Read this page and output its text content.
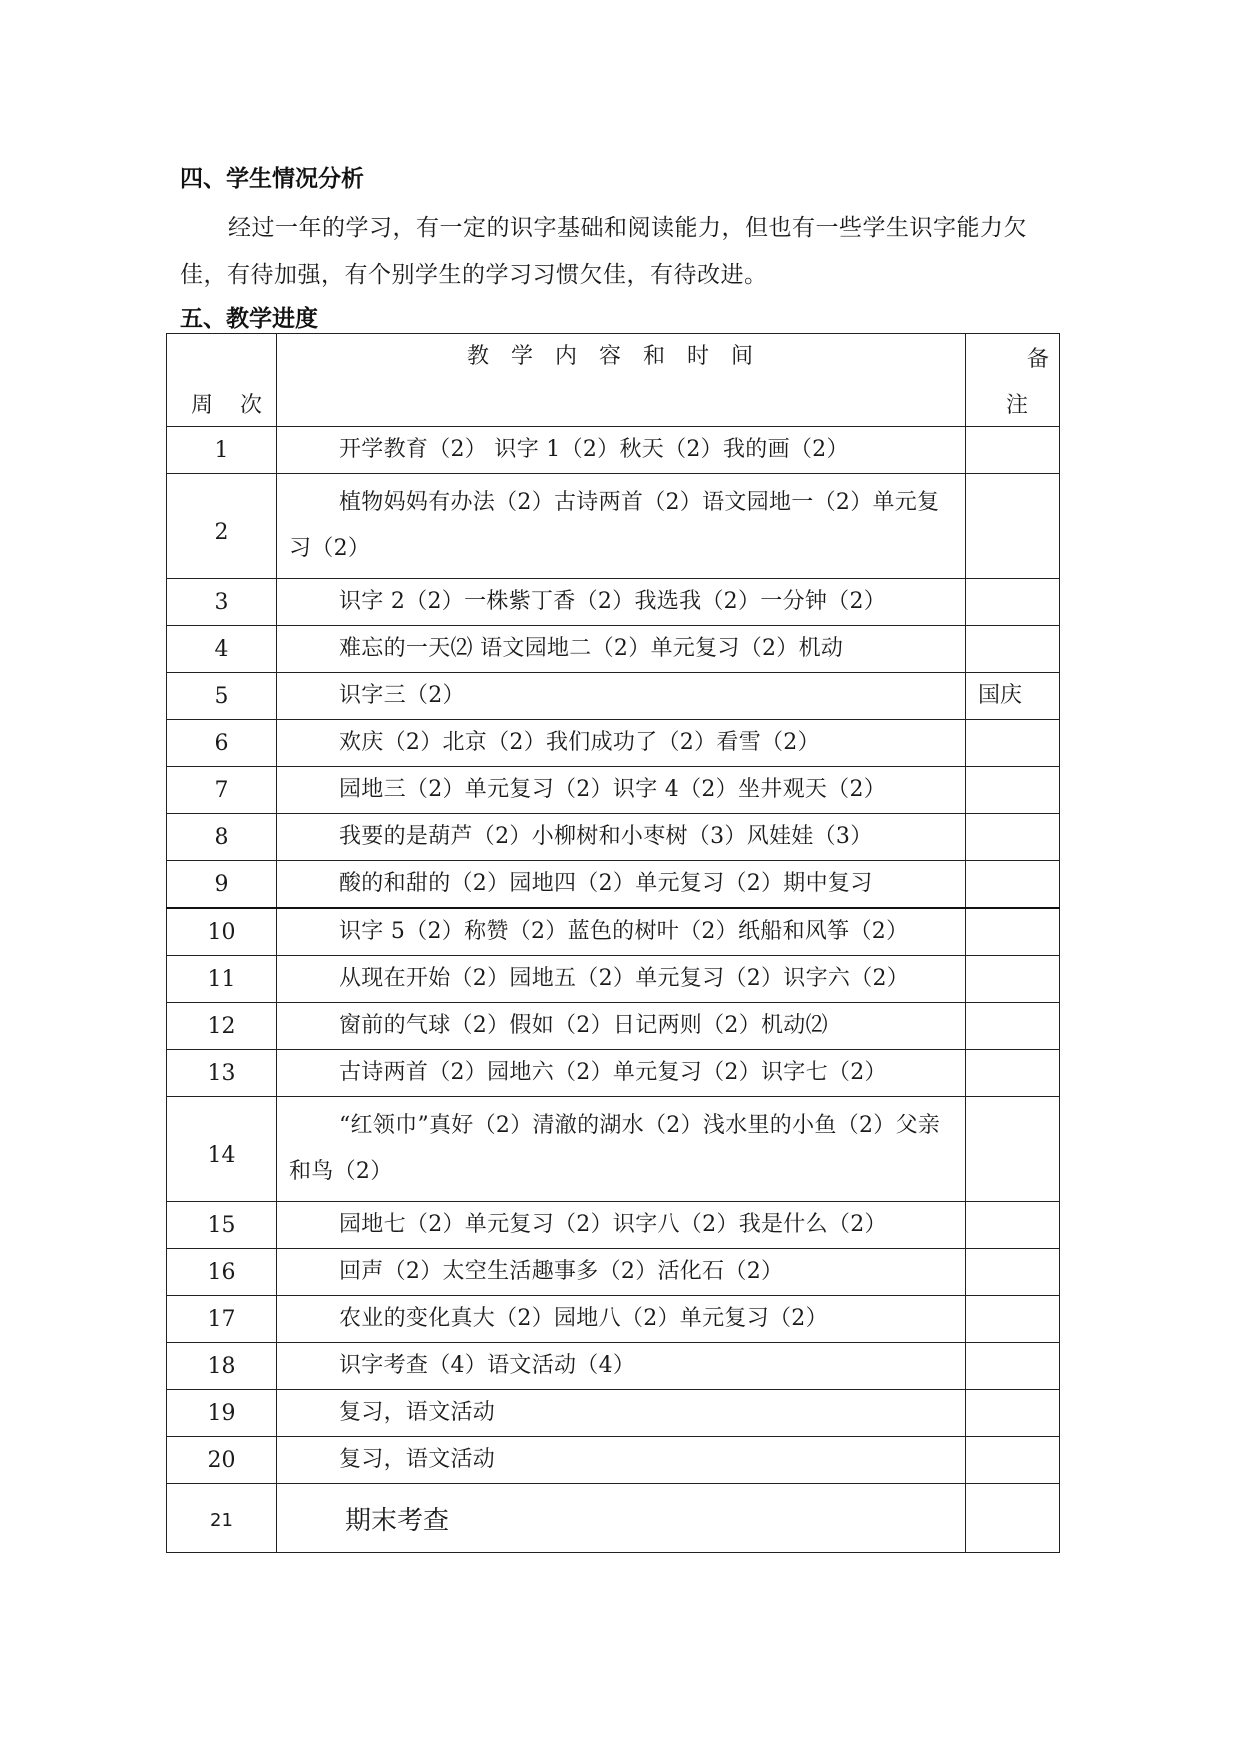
四、学生情况分析

经过一年的学习，有一定的识字基础和阅读能力，但也有一些学生识字能力欠佳，有待加强，有个别学生的学习习惯欠佳，有待改进。

五、教学进度
周 次	教学内容和时间	备
注

1	开学教育（2） 识字 1（2）秋天（2）我的画（2）	
2	植物妈妈有办法（2）古诗两首（2）语文园地一（2）单元复习（2）	
3	识字 2（2）一株紫丁香（2）我选我（2）一分钟（2）	
4	难忘的一天⑵ 语文园地二（2）单元复习（2）机动	
5	识字三（2）	国庆
6	欢庆（2）北京（2）我们成功了（2）看雪（2）	
7	园地三（2）单元复习（2）识字 4（2）坐井观天（2）	
8	我要的是葫芦（2）小柳树和小枣树（3）风娃娃（3）	
9	酸的和甜的（2）园地四（2）单元复习（2）期中复习	
10	识字 5（2）称赞（2）蓝色的树叶（2）纸船和风筝（2）	
11	从现在开始（2）园地五（2）单元复习（2）识字六（2）	
12	窗前的气球（2）假如（2）日记两则（2）机动⑵	
13	古诗两首（2）园地六（2）单元复习（2）识字七（2）	
14	“红领巾”真好（2）清澈的湖水（2）浅水里的小鱼（2）父亲和鸟（2）	
15	园地七（2）单元复习（2）识字八（2）我是什么（2）	
16	回声（2）太空生活趣事多（2）活化石（2）	
17	农业的变化真大（2）园地八（2）单元复习（2）	
18	识字考查（4）语文活动（4）	
19	复习，语文活动	
20	复习，语文活动	
21	期末考查	
